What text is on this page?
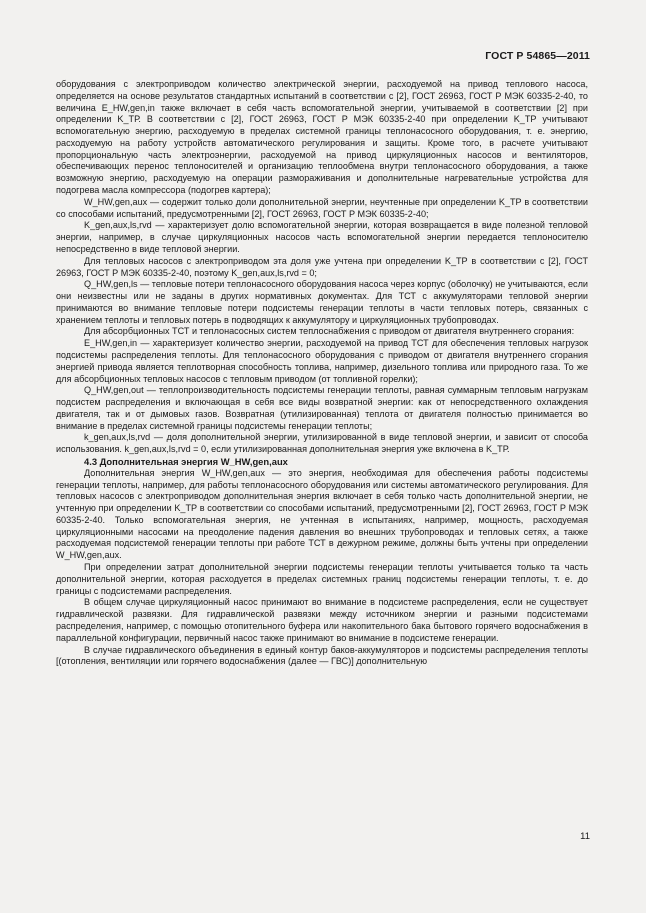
ГОСТ Р 54865—2011

оборудования с электроприводом количество электрической энергии, расходуемой на привод теплового насоса, определяется на основе результатов стандартных испытаний в соответствии с [2], ГОСТ 26963, ГОСТ Р МЭК 60335-2-40, то величина E_HW,gen,in также включает в себя часть вспомогательной энергии, учитываемой в соответствии [2] при определении K_ТР. В соответствии с [2], ГОСТ 26963, ГОСТ Р МЭК 60335-2-40 при определении K_ТР учитывают вспомогательную энергию, расходуемую в пределах системной границы теплонасосного оборудования, т. е. энергию, расходуемую на работу устройств автоматического регулирования и защиты. Кроме того, в расчете учитывают пропорциональную часть электроэнергии, расходуемой на привод циркуляционных насосов и вентиляторов, обеспечивающих перенос теплоносителей и организацию теплообмена внутри теплонасосного оборудования, а также возможную энергию, расходуемую на операции размораживания и дополнительные нагревательные устройства для подогрева масла компрессора (подогрев картера);

W_HW,gen,aux — содержит только доли дополнительной энергии, неучтенные при определении K_ТР в соответствии со способами испытаний, предусмотренными [2], ГОСТ 26963, ГОСТ Р МЭК 60335-2-40;

K_gen,aux,ls,rvd — характеризует долю вспомогательной энергии, которая возвращается в виде полезной тепловой энергии, например, в случае циркуляционных насосов часть вспомогательной энергии передается теплоносителю непосредственно в виде тепловой энергии.

Для тепловых насосов с электроприводом эта доля уже учтена при определении K_ТР в соответствии с [2], ГОСТ 26963, ГОСТ Р МЭК 60335-2-40, поэтому K_gen,aux,ls,rvd = 0;

Q_HW,gen,ls — тепловые потери теплонасосного оборудования насоса через корпус (оболочку) не учитываются, если они неизвестны или не заданы в других нормативных документах. Для ТСТ с аккумуляторами тепловой энергии принимаются во внимание тепловые потери подсистемы генерации теплоты в части тепловых потерь, связанных с хранением теплоты и тепловых потерь в подводящих к аккумулятору и циркуляционных трубопроводах.

Для абсорбционных ТСТ и теплонасосных систем теплоснабжения с приводом от двигателя внутреннего сгорания:

E_HW,gen,in — характеризует количество энергии, расходуемой на привод ТСТ для обеспечения тепловых нагрузок подсистемы распределения теплоты. Для теплонасосного оборудования с приводом от двигателя внутреннего сгорания энергией привода является теплотворная способность топлива, например, дизельного топлива или природного газа. То же для абсорбционных тепловых насосов с тепловым приводом (от топливной горелки);

Q_HW,gen,out — теплопроизводительность подсистемы генерации теплоты, равная суммарным тепловым нагрузкам подсистем распределения и включающая в себя все виды возвратной энергии: как от непосредственного охлаждения двигателя, так и от дымовых газов. Возвратная (утилизированная) теплота от двигателя полностью принимается во внимание в пределах системной границы подсистемы генерации теплоты;

k_gen,aux,ls,rvd — доля дополнительной энергии, утилизированной в виде тепловой энергии, и зависит от способа использования. k_gen,aux,ls,rvd = 0, если утилизированная дополнительная энергия уже включена в K_ТР.

4.3 Дополнительная энергия W_HW,gen,aux

Дополнительная энергия W_HW,gen,aux — это энергия, необходимая для обеспечения работы подсистемы генерации теплоты, например, для работы теплонасосного оборудования или системы автоматического регулирования. Для тепловых насосов с электроприводом дополнительная энергия включает в себя только часть дополнительной энергии, не учтенную при определении K_ТР в соответствии со способами испытаний, предусмотренными [2], ГОСТ 26963, ГОСТ Р МЭК 60335-2-40. Только вспомогательная энергия, не учтенная в испытаниях, например, мощность, расходуемая циркуляционными насосами на преодоление падения давления во внешних трубопроводах и тепловых сетях, а также расходуемая подсистемой генерации теплоты при работе ТСТ в дежурном режиме, должны быть учтены при определении W_HW,gen,aux.

При определении затрат дополнительной энергии подсистемы генерации теплоты учитывается только та часть дополнительной энергии, которая расходуется в пределах системных границ подсистемы генерации теплоты, т. е. до границы с подсистемами распределения.

В общем случае циркуляционный насос принимают во внимание в подсистеме распределения, если не существует гидравлической развязки. Для гидравлической развязки между источником энергии и разными подсистемами распределения, например, с помощью отопительного буфера или накопительного бака бытового горячего водоснабжения в параллельной конфигурации, первичный насос также принимают во внимание в подсистеме генерации.

В случае гидравлического объединения в единый контур баков-аккумуляторов и подсистемы распределения теплоты [(отопления, вентиляции или горячего водоснабжения (далее — ГВС)] дополнительную

11
